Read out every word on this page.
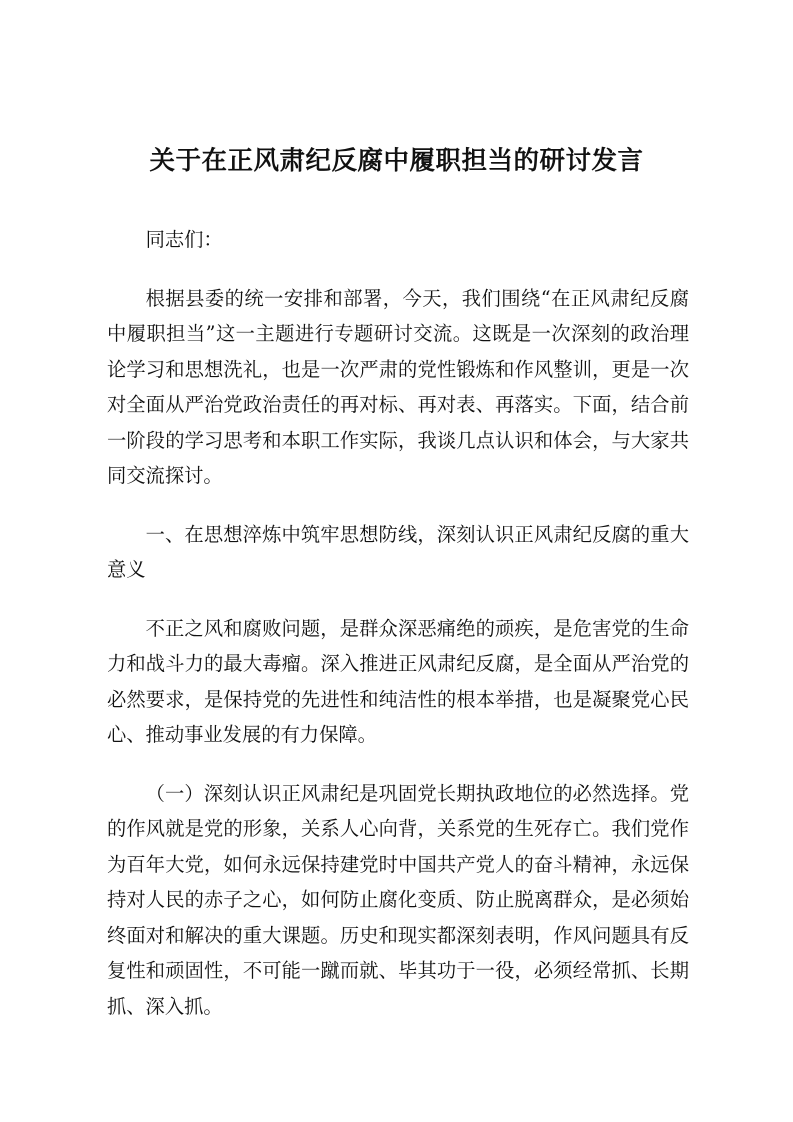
关于在正风肃纪反腐中履职担当的研讨发言

同志们：

根据县委的统一安排和部署，今天，我们围绕“在正风肃纪反腐中履职担当”这一主题进行专题研讨交流。这既是一次深刻的政治理论学习和思想洗礼，也是一次严肃的党性锻炼和作风整训，更是一次对全面从严治党政治责任的再对标、再对表、再落实。下面，结合前一阶段的学习思考和本职工作实际，我谈几点认识和体会，与大家共同交流探讨。

一、在思想淬炼中筑牢思想防线，深刻认识正风肃纪反腐的重大意义

不正之风和腐败问题，是群众深恶痛绝的顽疾，是危害党的生命力和战斗力的最大毒瘤。深入推进正风肃纪反腐，是全面从严治党的必然要求，是保持党的先进性和纯洁性的根本举措，也是凝聚党心民心、推动事业发展的有力保障。

（一）深刻认识正风肃纪是巩固党长期执政地位的必然选择。党的作风就是党的形象，关系人心向背，关系党的生死存亡。我们党作为百年大党，如何永远保持建党时中国共产党人的奋斗精神，永远保持对人民的赤子之心，如何防止腐化变质、防止脱离群众，是必须始终面对和解决的重大课题。历史和现实都深刻表明，作风问题具有反复性和顽固性，不可能一蹴而就、毕其功于一役，必须经常抓、长期抓、深入抓。
